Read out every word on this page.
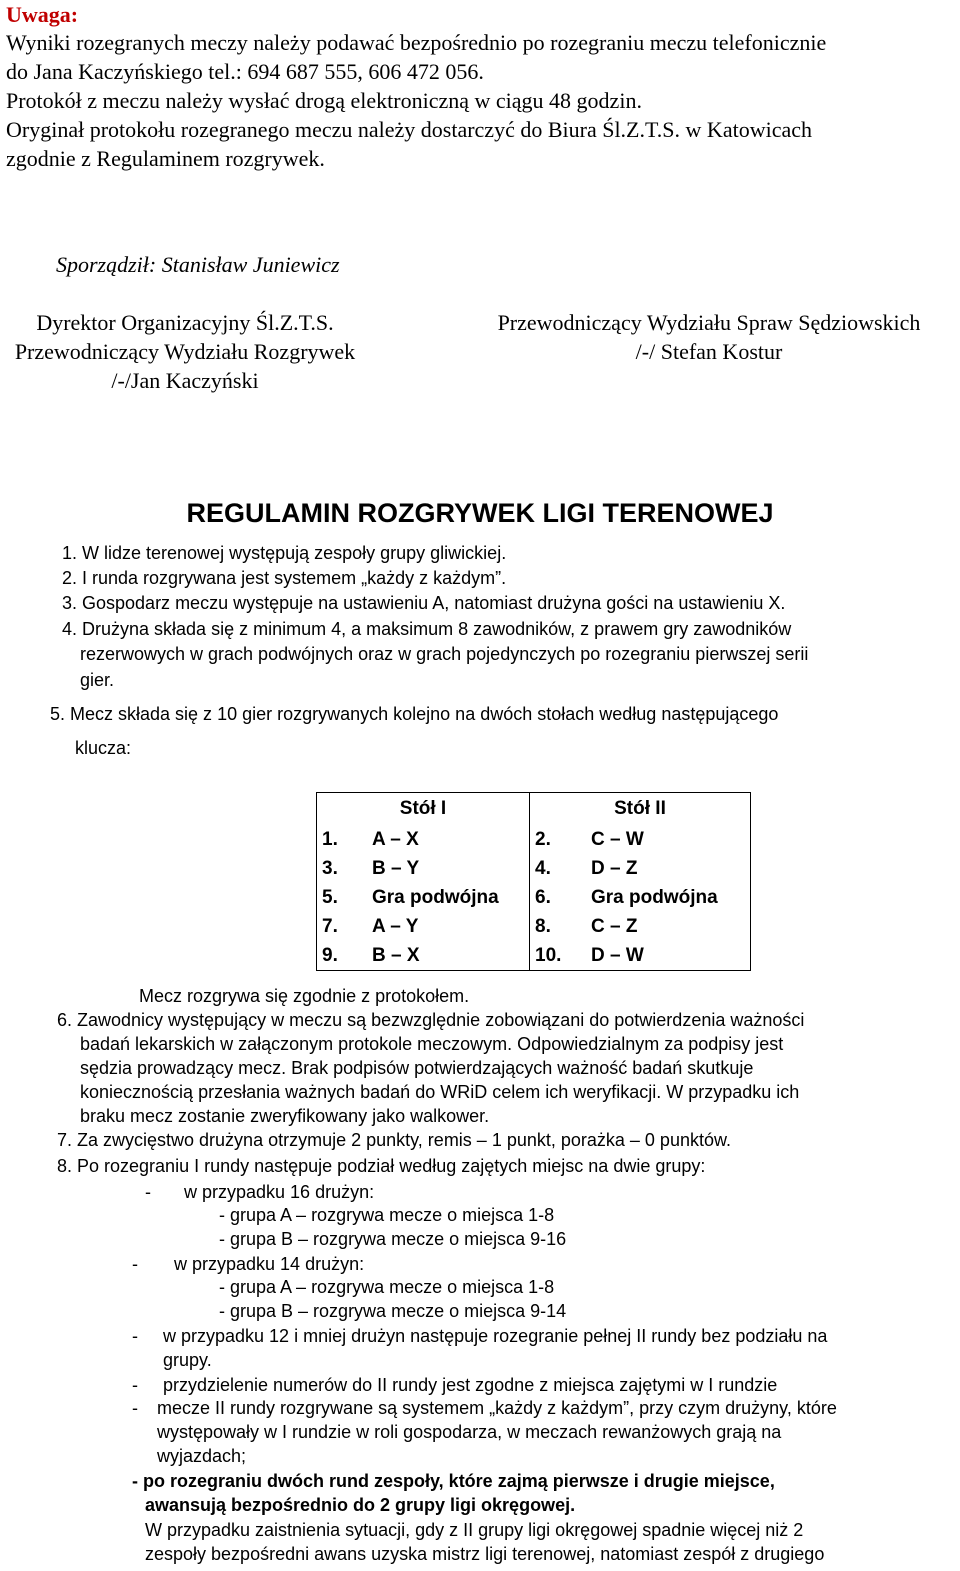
Uwaga:

Wyniki rozegranych meczy należy podawać bezpośrednio po rozegraniu meczu telefonicznie

do Jana Kaczyńskiego tel.: 694 687 555, 606 472 056.

Protokół z meczu należy wysłać drogą elektroniczną w ciągu 48 godzin.

Oryginał protokołu rozegranego meczu należy dostarczyć do Biura Śl.Z.T.S. w Katowicach

zgodnie z Regulaminem rozgrywek.

Sporządził: Stanisław Juniewicz

Dyrektor Organizacyjny Śl.Z.T.S.

Przewodniczący Wydziału Rozgrywek

/-/Jan Kaczyński

Przewodniczący Wydziału Spraw Sędziowskich

/-/ Stefan Kostur

REGULAMIN ROZGRYWEK LIGI TERENOWEJ

1. W lidze terenowej występują zespoły grupy gliwickiej.

2. I runda rozgrywana jest systemem „każdy z każdym”.

3. Gospodarz meczu występuje na ustawieniu A, natomiast drużyna gości na ustawieniu X.

4. Drużyna składa się z minimum 4, a maksimum 8 zawodników, z prawem gry zawodników

rezerwowych w grach podwójnych oraz w grach pojedynczych po rozegraniu pierwszej serii

gier.

5. Mecz składa się z 10 gier rozgrywanych kolejno na dwóch stołach według następującego

klucza:

Stół I		Stół II	
1.	A – X	2.	C – W
3.	B – Y	4.	D – Z
5.	Gra podwójna	6.	Gra podwójna
7.	A – Y	8.	C – Z
9.	B – X	10.	D – W

Mecz rozgrywa się zgodnie z protokołem.

6. Zawodnicy występujący w meczu są bezwzględnie zobowiązani do potwierdzenia ważności

badań lekarskich w załączonym protokole meczowym. Odpowiedzialnym za podpisy jest

sędzia prowadzący mecz. Brak podpisów potwierdzających ważność badań skutkuje

koniecznością przesłania ważnych badań do WRiD celem ich weryfikacji. W przypadku ich

braku mecz zostanie zweryfikowany jako walkower.

7. Za zwycięstwo drużyna otrzymuje 2 punkty, remis – 1 punkt, porażka – 0 punktów.

8. Po rozegraniu I rundy następuje podział według zajętych miejsc na dwie grupy:

- w przypadku 16 drużyn:

- grupa A – rozgrywa mecze o miejsca 1-8

- grupa B – rozgrywa mecze o miejsca 9-16

- w przypadku 14 drużyn:

- grupa A – rozgrywa mecze o miejsca 1-8

- grupa B – rozgrywa mecze o miejsca 9-14

- w przypadku 12 i mniej drużyn następuje rozegranie pełnej II rundy bez podziału na

grupy.

- przydzielenie numerów do II rundy jest zgodne z miejsca zajętymi w I rundzie

- mecze II rundy rozgrywane są systemem „każdy z każdym”, przy czym drużyny, które

występowały w I rundzie w roli gospodarza, w meczach rewanżowych grają na

wyjazdach;

- po rozegraniu dwóch rund zespoły, które zajmą pierwsze i drugie miejsce,

awansują bezpośrednio do 2 grupy ligi okręgowej.

W przypadku zaistnienia sytuacji, gdy z II grupy ligi okręgowej spadnie więcej niż 2

zespoły bezpośredni awans uzyska mistrz ligi terenowej, natomiast zespół z drugiego
